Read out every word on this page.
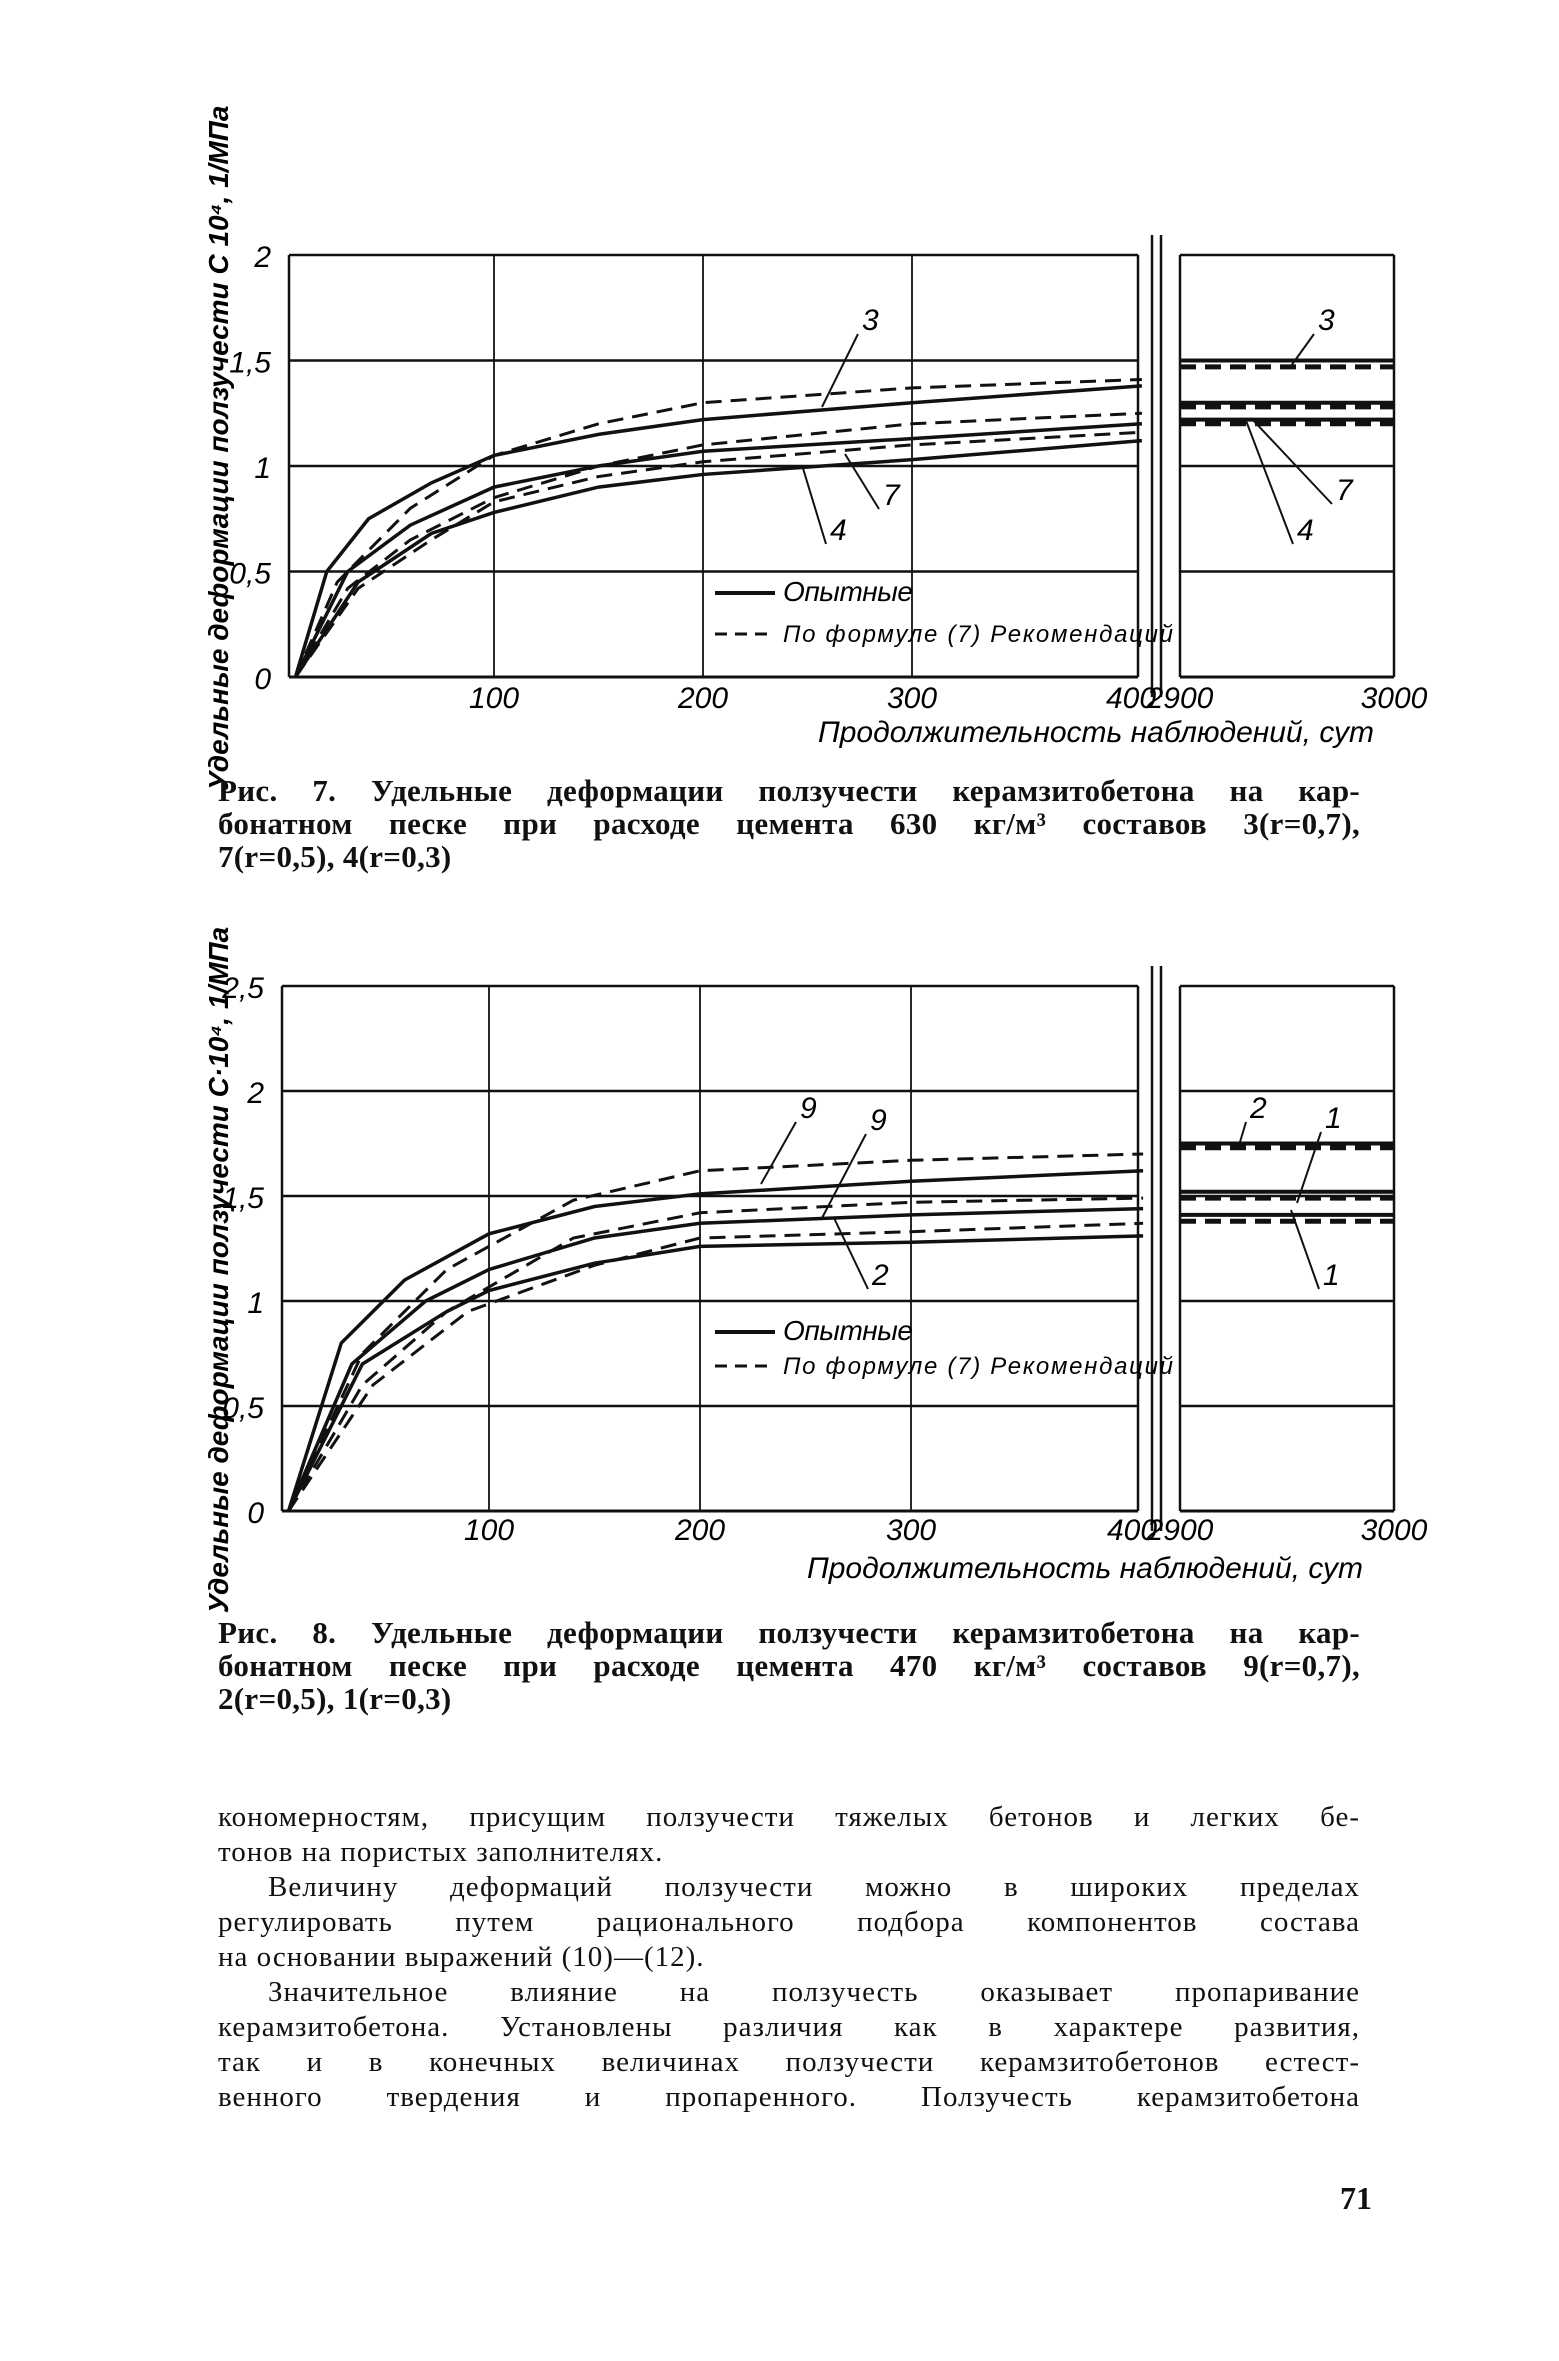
0
0,5
1
1,5
2
100	200	300	400
2900	3000
3	3
7	7
4	4
Опытные
По формуле (7) Рекомендаций
Удельные деформации ползучести С 10⁴, 1/МПа	Продолжительность наблюдений, сут
0
0,5
1
1,5
2
2,5
100	200	300	400
2900	3000
9 9
2
2 1
1
Опытные
По формуле (7) Рекомендаций
Удельные деформации ползучести С·10⁴, 1/МПа	Продолжительность наблюдений, сут
Рис. 7. Удельные деформации ползучести керамзитобетона на кар-
бонатном песке при расходе цемента 630 кг/м³ составов 3(r=0,7),
7(r=0,5), 4(r=0,3)
Рис. 8. Удельные деформации ползучести керамзитобетона на кар-
бонатном песке при расходе цемента 470 кг/м³ составов 9(r=0,7),
2(r=0,5), 1(r=0,3)
кономерностям, присущим ползучести тяжелых бетонов и легких бе-
тонов на пористых заполнителях.
Величину деформаций ползучести можно в широких пределах
регулировать путем рационального подбора компонентов состава
на основании выражений (10)—(12).
Значительное влияние на ползучесть оказывает пропаривание
керамзитобетона. Установлены различия как в характере развития,
так и в конечных величинах ползучести керамзитобетонов естест-
венного твердения и пропаренного. Ползучесть керамзитобетона
71
